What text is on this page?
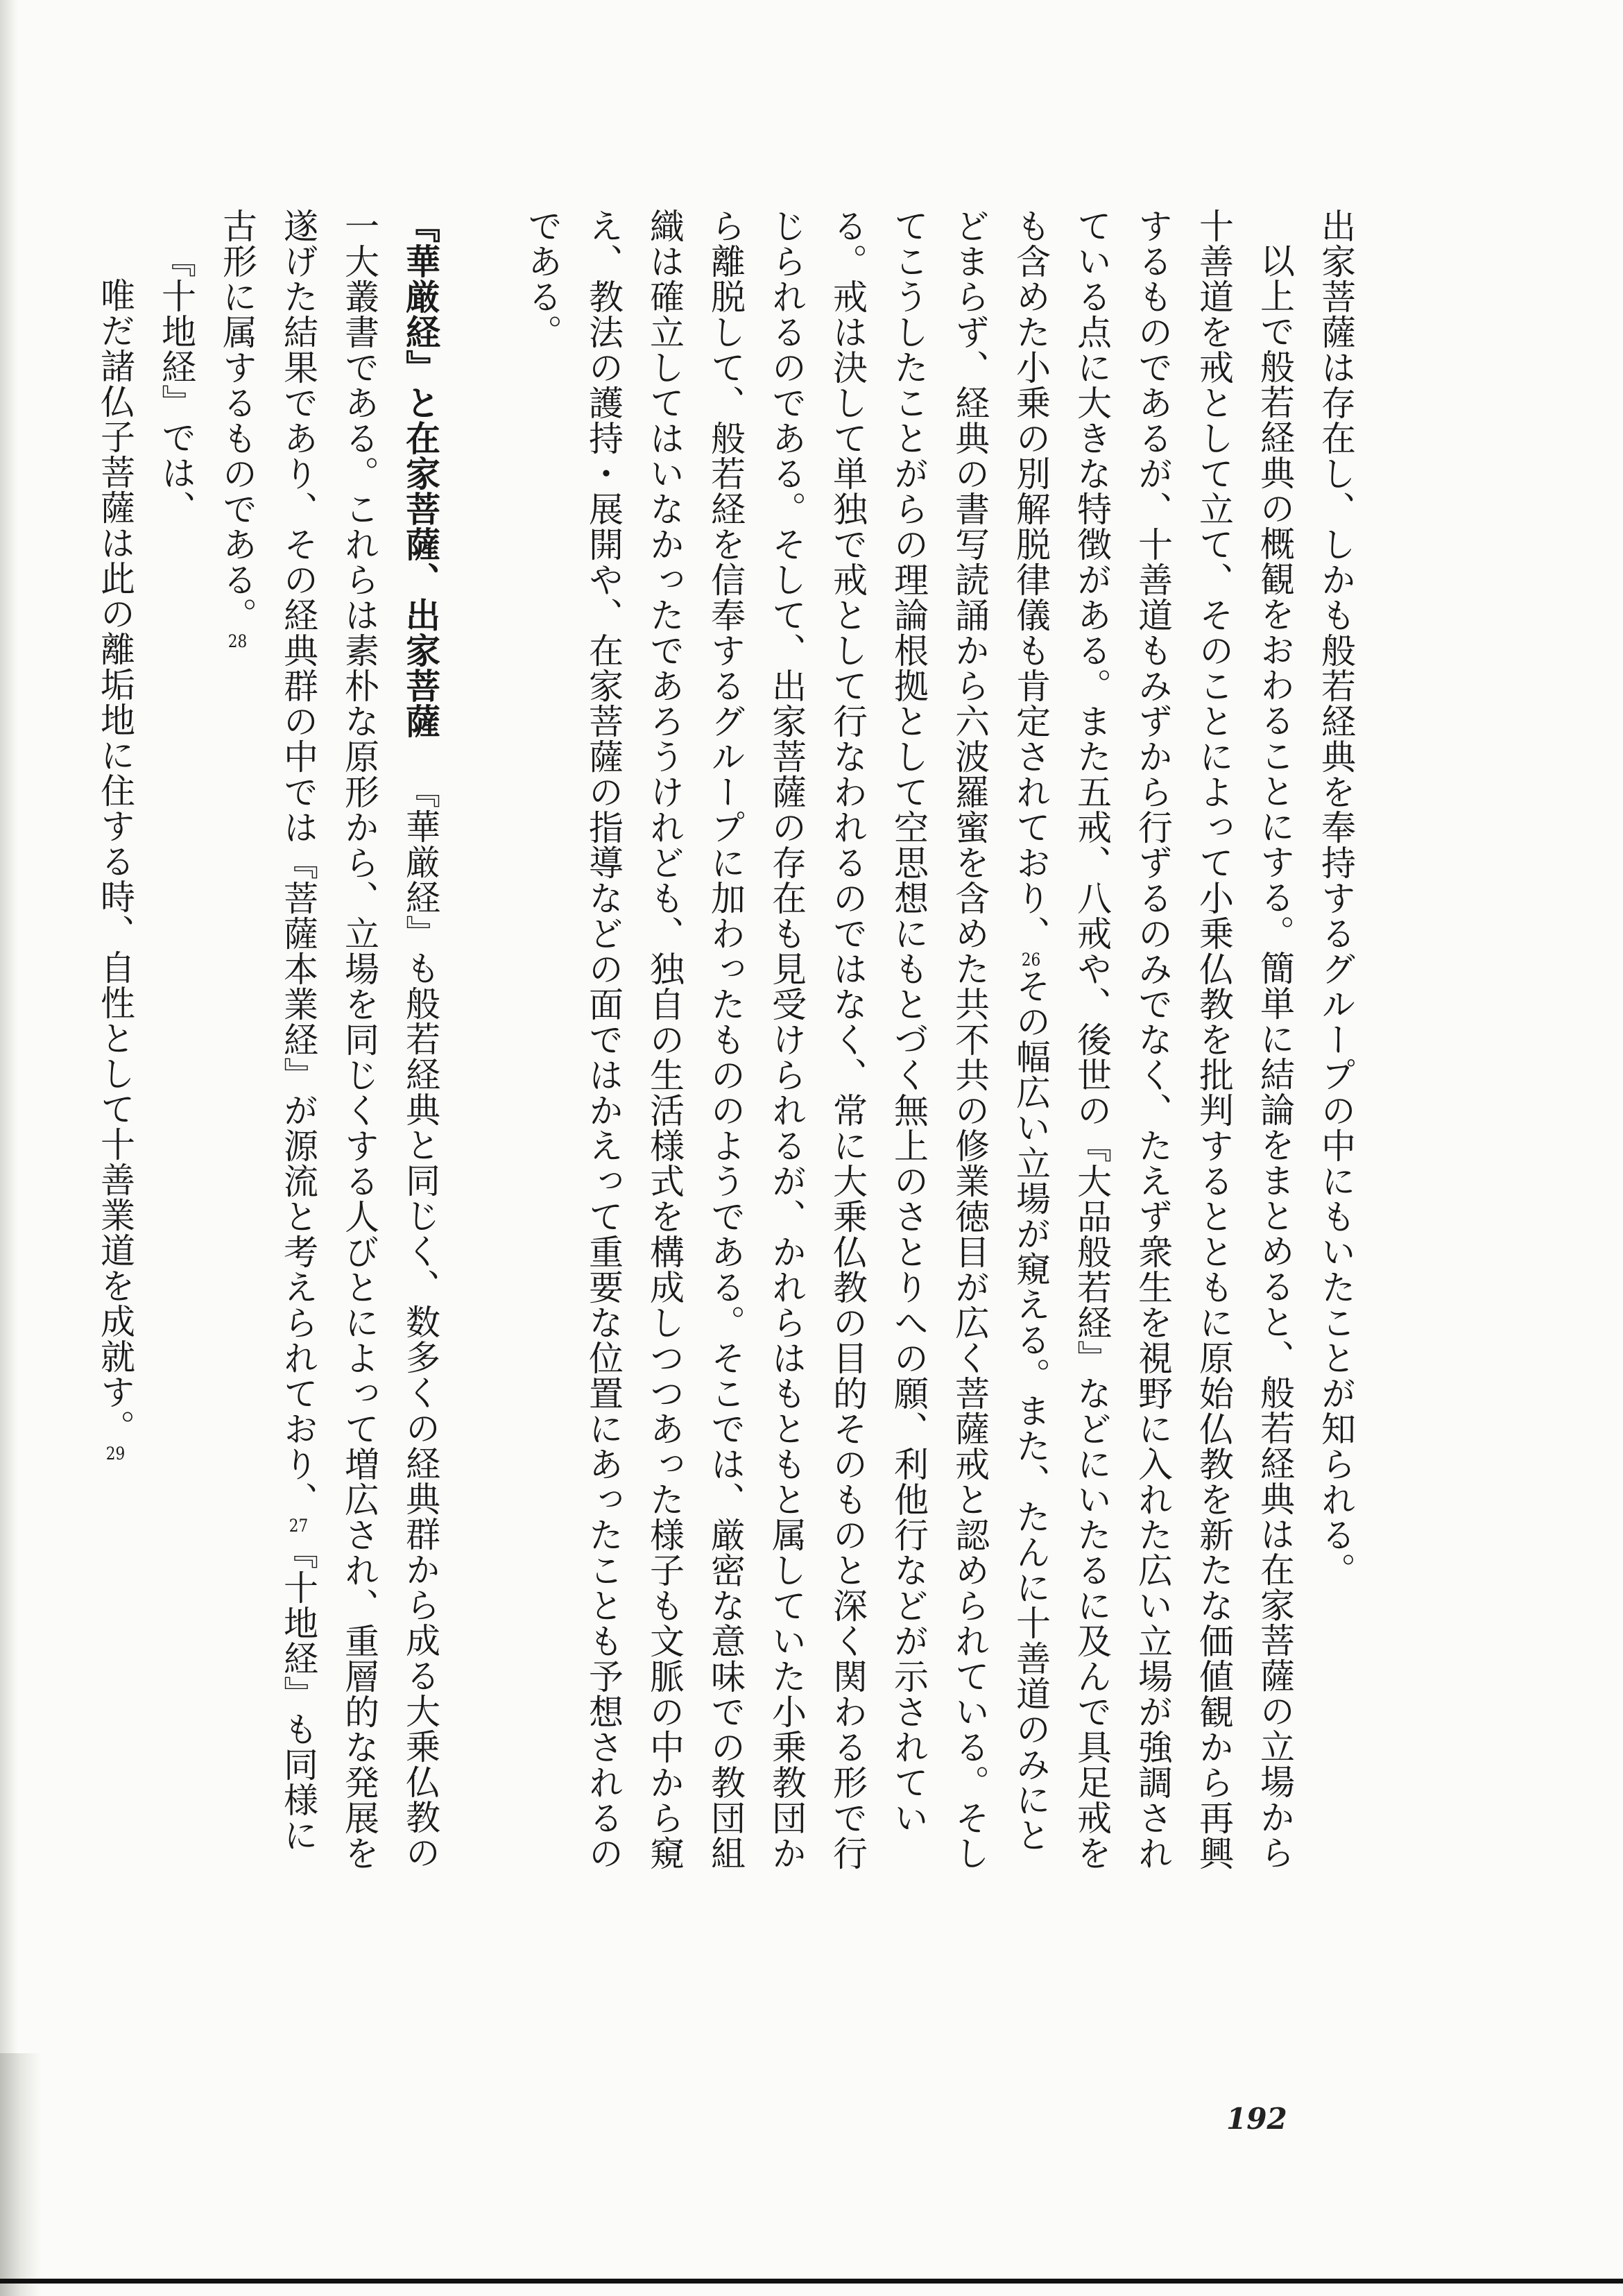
出家菩薩は存在し、しかも般若経典を奉持するグループの中にもいたことが知られる。

以上で般若経典の概観をおわることにする。簡単に結論をまとめると、般若経典は在家菩薩の立場から十善道を戒として立て、そのことによって小乗仏教を批判するとともに原始仏教を新たな価値観から再興するものであるが、十善道もみずから行ずるのみでなく、たえず衆生を視野に入れた広い立場が強調されている点に大きな特徴がある。また五戒、八戒や、後世の『大品般若経』などにいたるに及んで具足戒をも含めた小乗の別解脱律儀も肯定されており、26その幅広い立場が窺える。また、たんに十善道のみにとどまらず、経典の書写読誦から六波羅蜜を含めた共不共の修業徳目が広く菩薩戒と認められている。そしてこうしたことがらの理論根拠として空思想にもとづく無上のさとりへの願、利他行などが示されている。戒は決して単独で戒として行なわれるのではなく、常に大乗仏教の目的そのものと深く関わる形で行じられるのである。そして、出家菩薩の存在も見受けられるが、かれらはもともと属していた小乗教団から離脱して、般若経を信奉するグループに加わったもののようである。そこでは、厳密な意味での教団組織は確立してはいなかったであろうけれども、独自の生活様式を構成しつつあった様子も文脈の中から窺え、教法の護持・展開や、在家菩薩の指導などの面ではかえって重要な位置にあったことも予想されるのである。

『華厳経』と在家菩薩、出家菩薩『華厳経』も般若経典と同じく、数多くの経典群から成る大乗仏教の一大叢書である。これらは素朴な原形から、立場を同じくする人びとによって増広され、重層的な発展を遂げた結果であり、その経典群の中では『菩薩本業経』が源流と考えられており、27『十地経』も同様に古形に属するものである。28

『十地経』では、

唯だ諸仏子菩薩は此の離垢地に住する時、自性として十善業道を成就す。29

192
